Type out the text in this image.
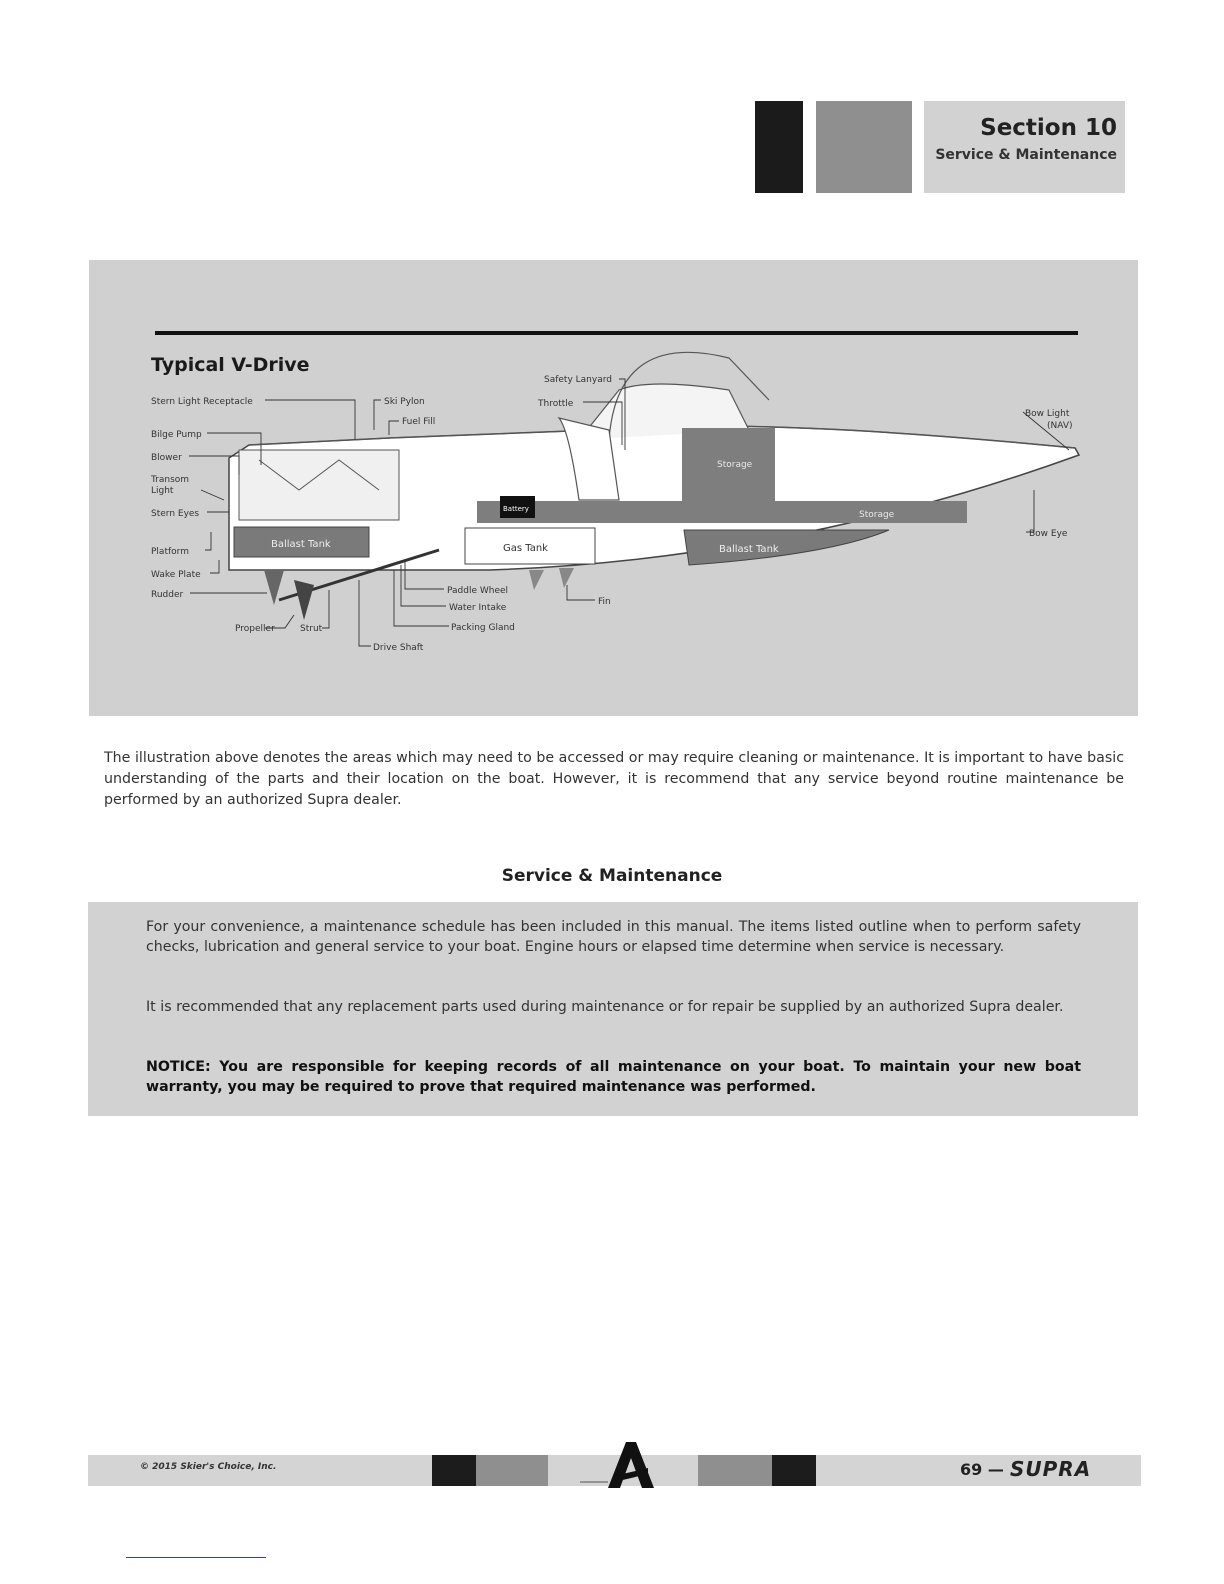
Section 10
Service & Maintenance
Typical V-Drive
Storage
Storage
Battery
Ballast Tank	Gas Tank	Ballast Tank
Stern Light Receptacle
Bilge Pump
Blower
Transom
Light
Stern Eyes
Platform
Wake Plate
Rudder
Propeller	Strut
Drive Shaft
Ski Pylon
Fuel Fill
Safety Lanyard
Throttle
Bow Light
(NAV)
Bow Eye
Paddle Wheel
Water Intake
Packing Gland
Fin

The illustration above denotes the areas which may need to be accessed or may require cleaning or maintenance. It is important to have basic understanding of the parts and their location on the boat. However, it is recommend that any service beyond routine maintenance be performed by an authorized Supra dealer.

Service & Maintenance

For your convenience, a maintenance schedule has been included in this manual. The items listed outline when to perform safety checks, lubrication and general service to your boat. Engine hours or elapsed time determine when service is necessary.

It is recommended that any replacement parts used during maintenance or for repair be supplied by an authorized Supra dealer.

NOTICE: You are responsible for keeping records of all maintenance on your boat. To maintain your new boat warranty, you may be required to prove that required maintenance was performed.

© 2015 Skier's Choice, Inc.	69 — SUPRA
